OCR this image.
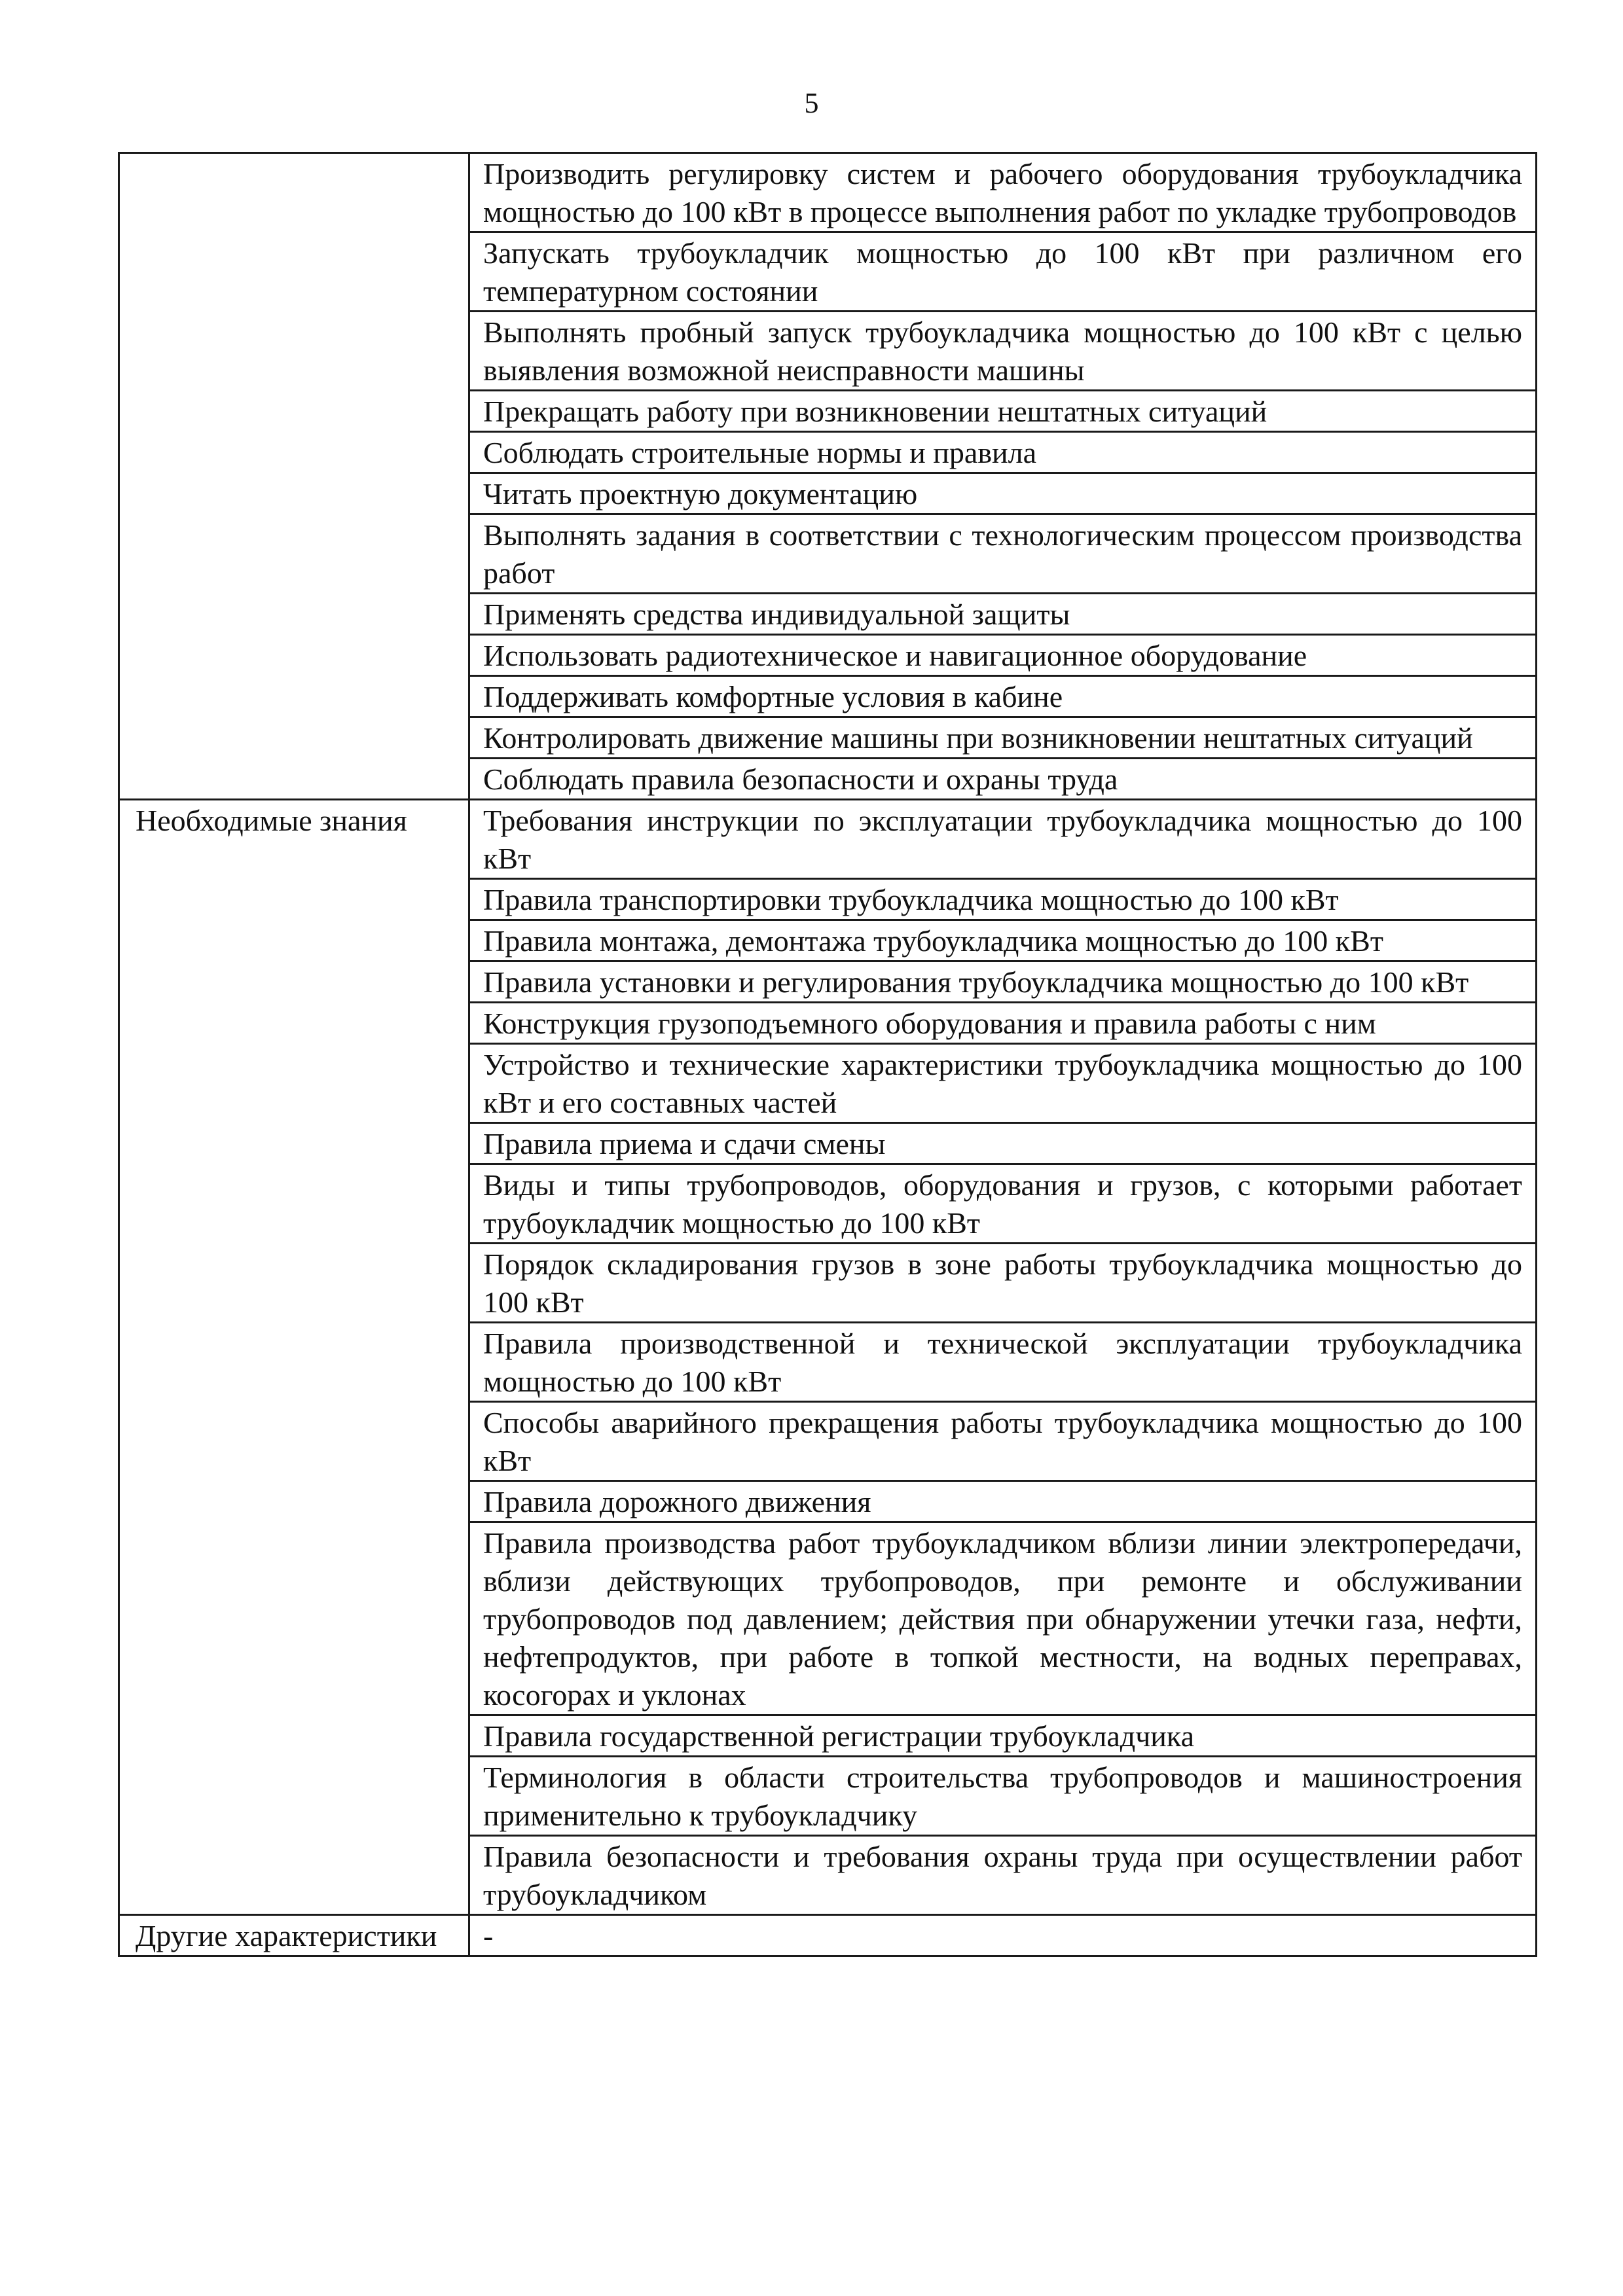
5
	Производить регулировку систем и рабочего оборудования трубоукладчика мощностью до 100 кВт в процессе выполнения работ по укладке трубопроводов
	Запускать трубоукладчик мощностью до 100 кВт при различном его температурном состоянии
	Выполнять пробный запуск трубоукладчика мощностью до 100 кВт с целью выявления возможной неисправности машины
	Прекращать работу при возникновении нештатных ситуаций
	Соблюдать строительные нормы и правила
	Читать проектную документацию
	Выполнять задания в соответствии с технологическим процессом производства работ
	Применять средства индивидуальной защиты
	Использовать радиотехническое и навигационное оборудование
	Поддерживать комфортные условия в кабине
	Контролировать движение машины при возникновении нештатных ситуаций
	Соблюдать правила безопасности и охраны труда
Необходимые знания	Требования инструкции по эксплуатации трубоукладчика мощностью до 100 кВт
	Правила транспортировки трубоукладчика мощностью до 100 кВт
	Правила монтажа, демонтажа трубоукладчика мощностью до 100 кВт
	Правила установки и регулирования трубоукладчика мощностью до 100 кВт
	Конструкция грузоподъемного оборудования и правила работы с ним
	Устройство и технические характеристики трубоукладчика мощностью до 100 кВт и его составных частей
	Правила приема и сдачи смены
	Виды и типы трубопроводов, оборудования и грузов, с которыми работает трубоукладчик мощностью до 100 кВт
	Порядок складирования грузов в зоне работы трубоукладчика мощностью до 100 кВт
	Правила производственной и технической эксплуатации трубоукладчика мощностью до 100 кВт
	Способы аварийного прекращения работы трубоукладчика мощностью до 100 кВт
	Правила дорожного движения
	Правила производства работ трубоукладчиком вблизи линии электропередачи, вблизи действующих трубопроводов, при ремонте и обслуживании трубопроводов под давлением; действия при обнаружении утечки газа, нефти, нефтепродуктов, при работе в топкой местности, на водных переправах, косогорах и уклонах
	Правила государственной регистрации трубоукладчика
	Терминология в области строительства трубопроводов и машиностроения применительно к трубоукладчику
	Правила безопасности и требования охраны труда при осуществлении работ трубоукладчиком
Другие характеристики	-
